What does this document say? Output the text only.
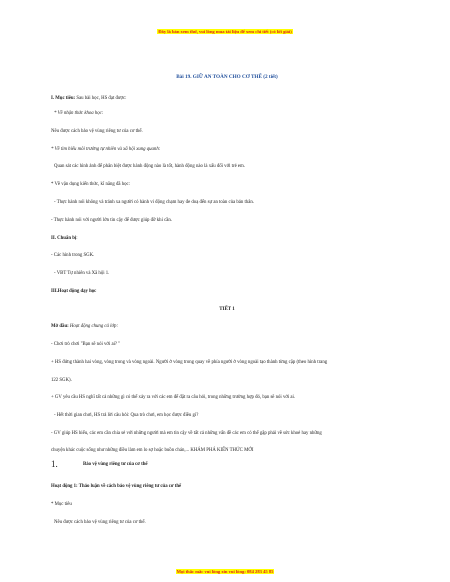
Đây là bản xem thử, vui lòng mua tài liệu để xem chi tiết (có lời giải)
Bài 19. GIỮ AN TOÀN CHO CƠ THỂ (2 tiết)
I. Mục tiêu: Sau bài học, HS đạt được:
* Về nhận thức khoa học:
Nêu được cách bảo vệ vùng riêng tư của cơ thể.
* Về tìm hiểu môi trường tự nhiên và xã hội xung quanh:
Quan sát các hình ảnh để phân biệt được hành động nào là tốt, hành động nào là xấu đối với trẻ em.
* Về vận dụng kiến thức, kĩ năng đã học:
- Thực hành nói không và tránh xa người có hành vi động chạm hay đe doạ đến sự an toàn của bản thân.
- Thực hành nói với người lớn tin cậy để được giúp đỡ khi cần.
II. Chuẩn bị:
- Các hình trong SGK.
- VBT Tự nhiên và Xã hội 1.
III.Hoạt động dạy học
TIẾT 1
Mở đầu: Hoạt động chung cả lớp:
- Chơi trò chơi "Bạn sẽ nói với ai? "
+ HS đứng thành hai vòng, vòng trong và vòng ngoài. Người ở vòng trong quay về phía người ở vòng ngoài tạo thành từng cặp (theo hình trang
122 SGK).
+ GV yêu cầu HS nghĩ tất cả những gì có thể xảy ra với các em để đặt ra câu hỏi, trong những trường hợp đó, bạn sẽ nói với ai.
- Hết thời gian chơi, HS trả lời câu hỏi: Qua trò chơi, em học được điều gì?
- GV giúp HS hiểu, các em cần chia sẻ với những người mà em tin cậy về tất cả những vấn đề các em có thể gặp phải về sức khoẻ hay những
chuyện khác cuộc sống như những điều làm em lo sợ hoặc buồn chán,... KHÁM PHÁ KIẾN THỨC MỚI
1.	Bảo vệ vùng riêng tư của cơ thể
Hoạt động 1: Thảo luận về cách bảo vệ vùng riêng tư của cơ thể
* Mục tiêu
Nêu được cách bảo vệ vùng riêng tư của cơ thể.
Mọi thắc mắc vui lòng xin vui lòng: 084 283 45 85
